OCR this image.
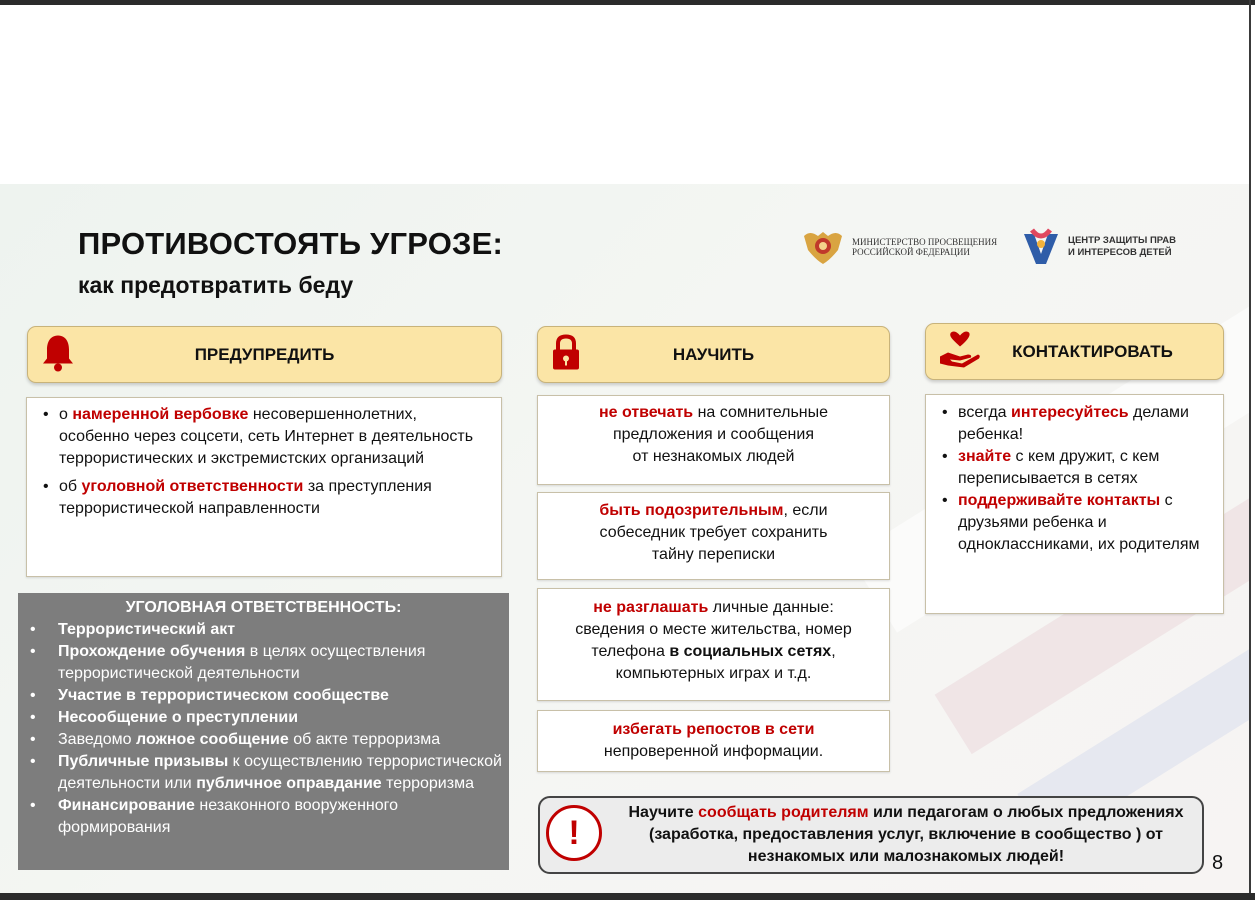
ПРОТИВОСТОЯТЬ УГРОЗЕ:
как предотвратить беду
МИНИСТЕРСТВО ПРОСВЕЩЕНИЯ
РОССИЙСКОЙ ФЕДЕРАЦИИ
ЦЕНТР ЗАЩИТЫ ПРАВ
И ИНТЕРЕСОВ ДЕТЕЙ
ПРЕДУПРЕДИТЬ
• о намеренной вербовке несовершеннолетних, особенно через соцсети, сеть Интернет в деятельность террористических и экстремистских организаций
• об уголовной ответственности за преступления террористической направленности
УГОЛОВНАЯ ОТВЕТСТВЕННОСТЬ:
• Террористический акт
• Прохождение обучения в целях осуществления террористической деятельности
• Участие в террористическом сообществе
• Несообщение о преступлении
• Заведомо ложное сообщение об акте терроризма
• Публичные призывы к осуществлению террористической деятельности или публичное оправдание терроризма
• Финансирование незаконного вооруженного формирования
НАУЧИТЬ
не отвечать на сомнительные
предложения и сообщения
от незнакомых людей
быть подозрительным, если
собеседник требует сохранить
тайну переписки
не разглашать личные данные:
сведения о месте жительства, номер
телефона в социальных сетях,
компьютерных играх и т.д.
избегать репостов в сети
непроверенной информации.
КОНТАКТИРОВАТЬ
• всегда интересуйтесь делами ребенка!
• знайте с кем дружит, с кем переписывается в сетях
• поддерживайте контакты с друзьями ребенка и одноклассниками, их родителям
!
Научите сообщать родителям или педагогам о любых предложениях (заработка, предоставления услуг, включение в сообщество ) от незнакомых или малознакомых людей!	8
